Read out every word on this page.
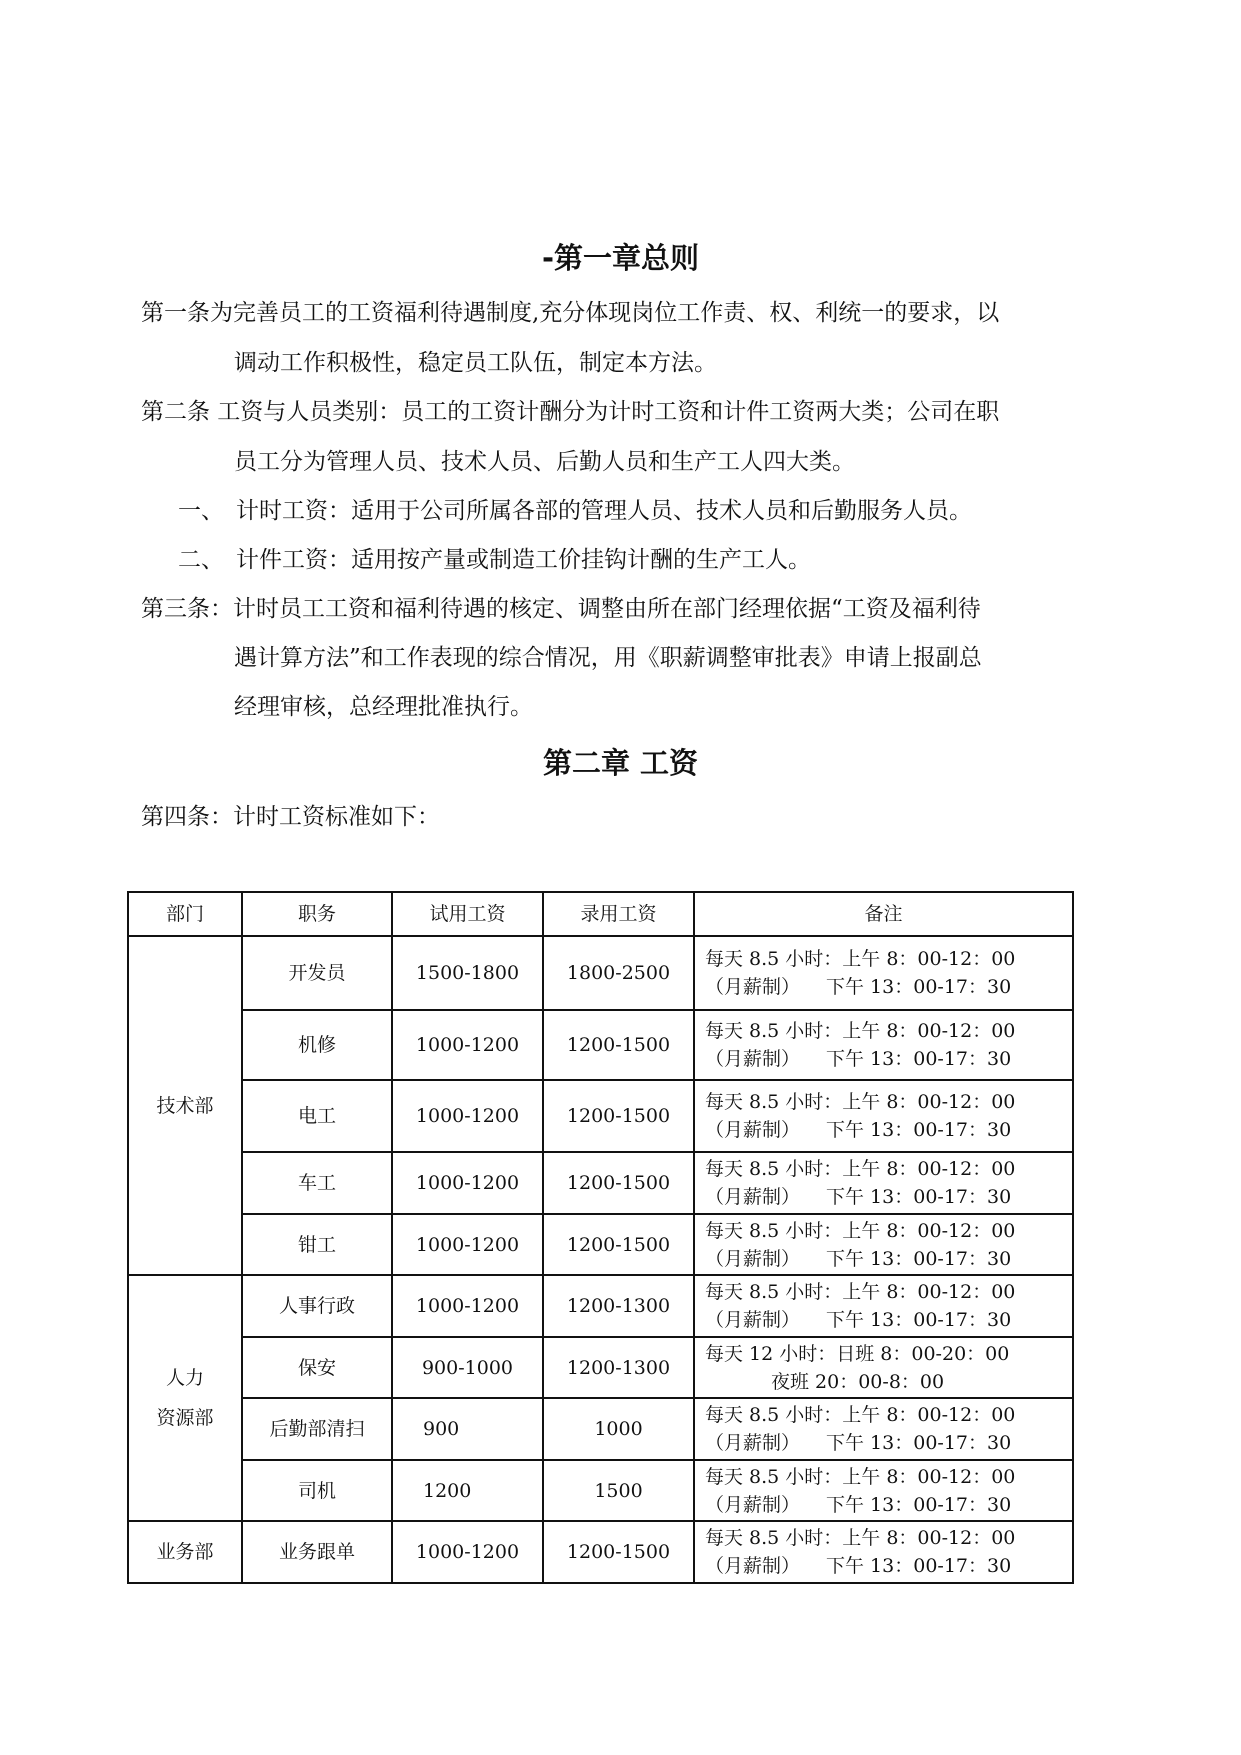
-第一章总则
第一条为完善员工的工资福利待遇制度,充分体现岗位工作责、权、利统一的要求，以
调动工作积极性，稳定员工队伍，制定本方法。
第二条 工资与人员类别：员工的工资计酬分为计时工资和计件工资两大类；公司在职
员工分为管理人员、技术人员、后勤人员和生产工人四大类。
一、 计时工资：适用于公司所属各部的管理人员、技术人员和后勤服务人员。
二、 计件工资：适用按产量或制造工价挂钩计酬的生产工人。
第三条：计时员工工资和福利待遇的核定、调整由所在部门经理依据“工资及福利待
遇计算方法”和工作表现的综合情况，用《职薪调整审批表》申请上报副总
经理审核，总经理批准执行。
第二章 工资
第四条：计时工资标准如下：
部门	职务	试用工资	录用工资	备注
技术部	开发员	1500-1800	1800-2500	每天 8.5 小时：上午 8：00-12：00
（月薪制） 下午 13：00-17：30

	机修	1000-1200	1200-1500	每天 8.5 小时：上午 8：00-12：00
（月薪制） 下午 13：00-17：30

	电工	1000-1200	1200-1500	每天 8.5 小时：上午 8：00-12：00
（月薪制） 下午 13：00-17：30

	车工	1000-1200	1200-1500	每天 8.5 小时：上午 8：00-12：00
（月薪制） 下午 13：00-17：30

	钳工	1000-1200	1200-1500	每天 8.5 小时：上午 8：00-12：00
（月薪制） 下午 13：00-17：30

人力
资源部	人事行政	1000-1200	1200-1300	每天 8.5 小时：上午 8：00-12：00
（月薪制） 下午 13：00-17：30

	保安	900-1000	1200-1300	每天 12 小时：日班 8：00-20：00
夜班 20：00-8：00

	后勤部清扫	900	1000	每天 8.5 小时：上午 8：00-12：00
（月薪制） 下午 13：00-17：30

	司机	1200	1500	每天 8.5 小时：上午 8：00-12：00
（月薪制） 下午 13：00-17：30

业务部	业务跟单	1000-1200	1200-1500	每天 8.5 小时：上午 8：00-12：00
（月薪制） 下午 13：00-17：30
